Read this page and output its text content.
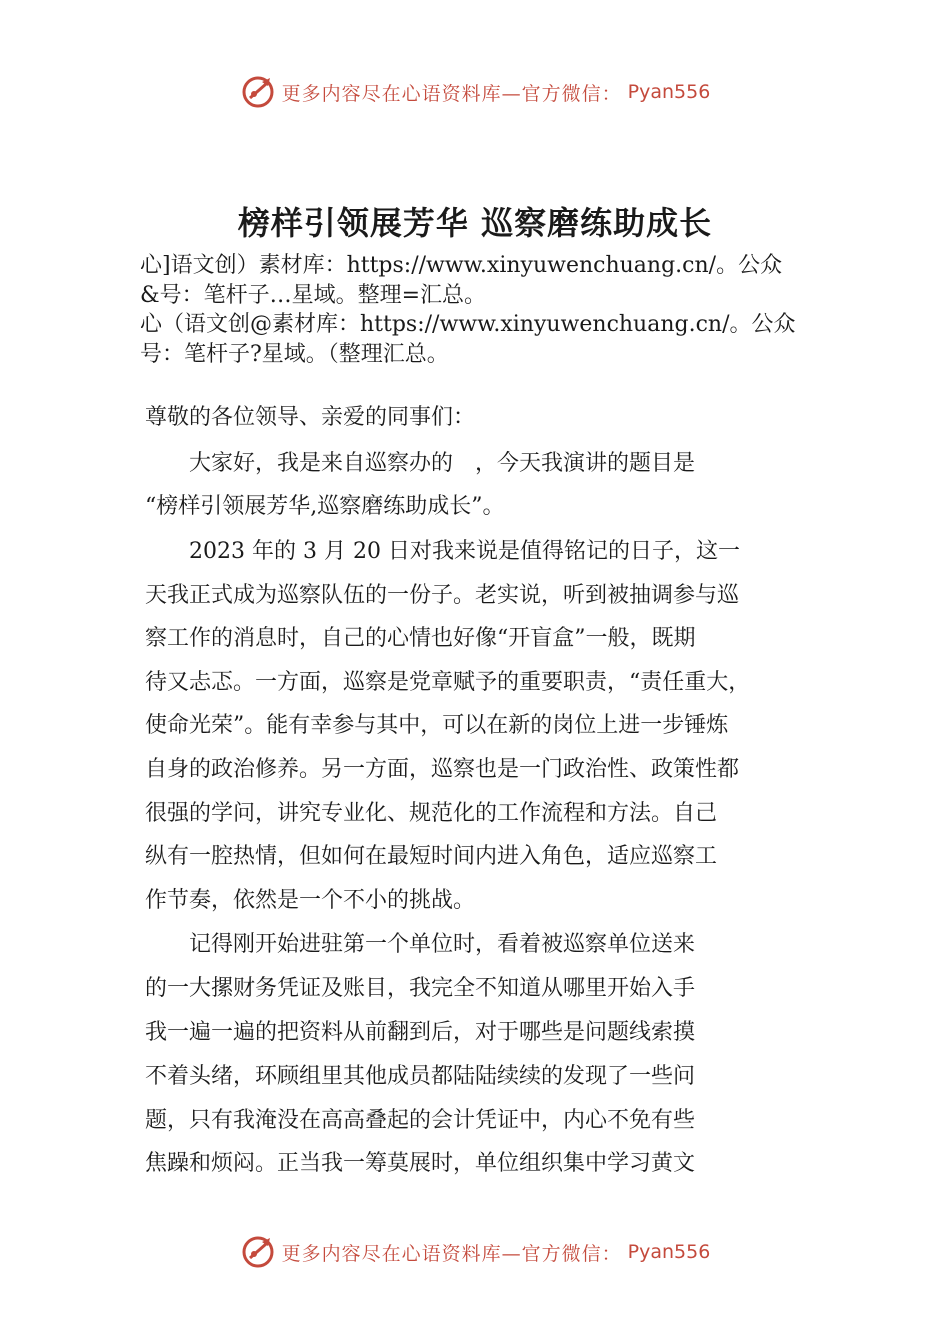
更多内容尽在心语资料库—官方微信： Pyan556
榜样引领展芳华 巡察磨练助成长

心]语文创）素材库：https://www.xinyuwenchuang.cn/。公众

&号：笔杆子…星域。整理=汇总。

心（语文创@素材库：https://www.xinyuwenchuang.cn/。公众

号：笔杆子?星域。（整理汇总。

尊敬的各位领导、亲爱的同事们：

　　大家好，我是来自巡察办的　，今天我演讲的题目是

“榜样引领展芳华,巡察磨练助成长”。

　　2023 年的 3 月 20 日对我来说是值得铭记的日子，这一

天我正式成为巡察队伍的一份子。老实说，听到被抽调参与巡

察工作的消息时，自己的心情也好像“开盲盒”一般，既期

待又忐忑。一方面，巡察是党章赋予的重要职责，“责任重大，

使命光荣”。能有幸参与其中，可以在新的岗位上进一步锤炼

自身的政治修养。另一方面，巡察也是一门政治性、政策性都

很强的学问，讲究专业化、规范化的工作流程和方法。自己

纵有一腔热情，但如何在最短时间内进入角色，适应巡察工

作节奏，依然是一个不小的挑战。

　　记得刚开始进驻第一个单位时，看着被巡察单位送来

的一大摞财务凭证及账目，我完全不知道从哪里开始入手

我一遍一遍的把资料从前翻到后，对于哪些是问题线索摸

不着头绪，环顾组里其他成员都陆陆续续的发现了一些问

题，只有我淹没在高高叠起的会计凭证中，内心不免有些

焦躁和烦闷。正当我一筹莫展时，单位组织集中学习黄文

更多内容尽在心语资料库—官方微信： Pyan556
